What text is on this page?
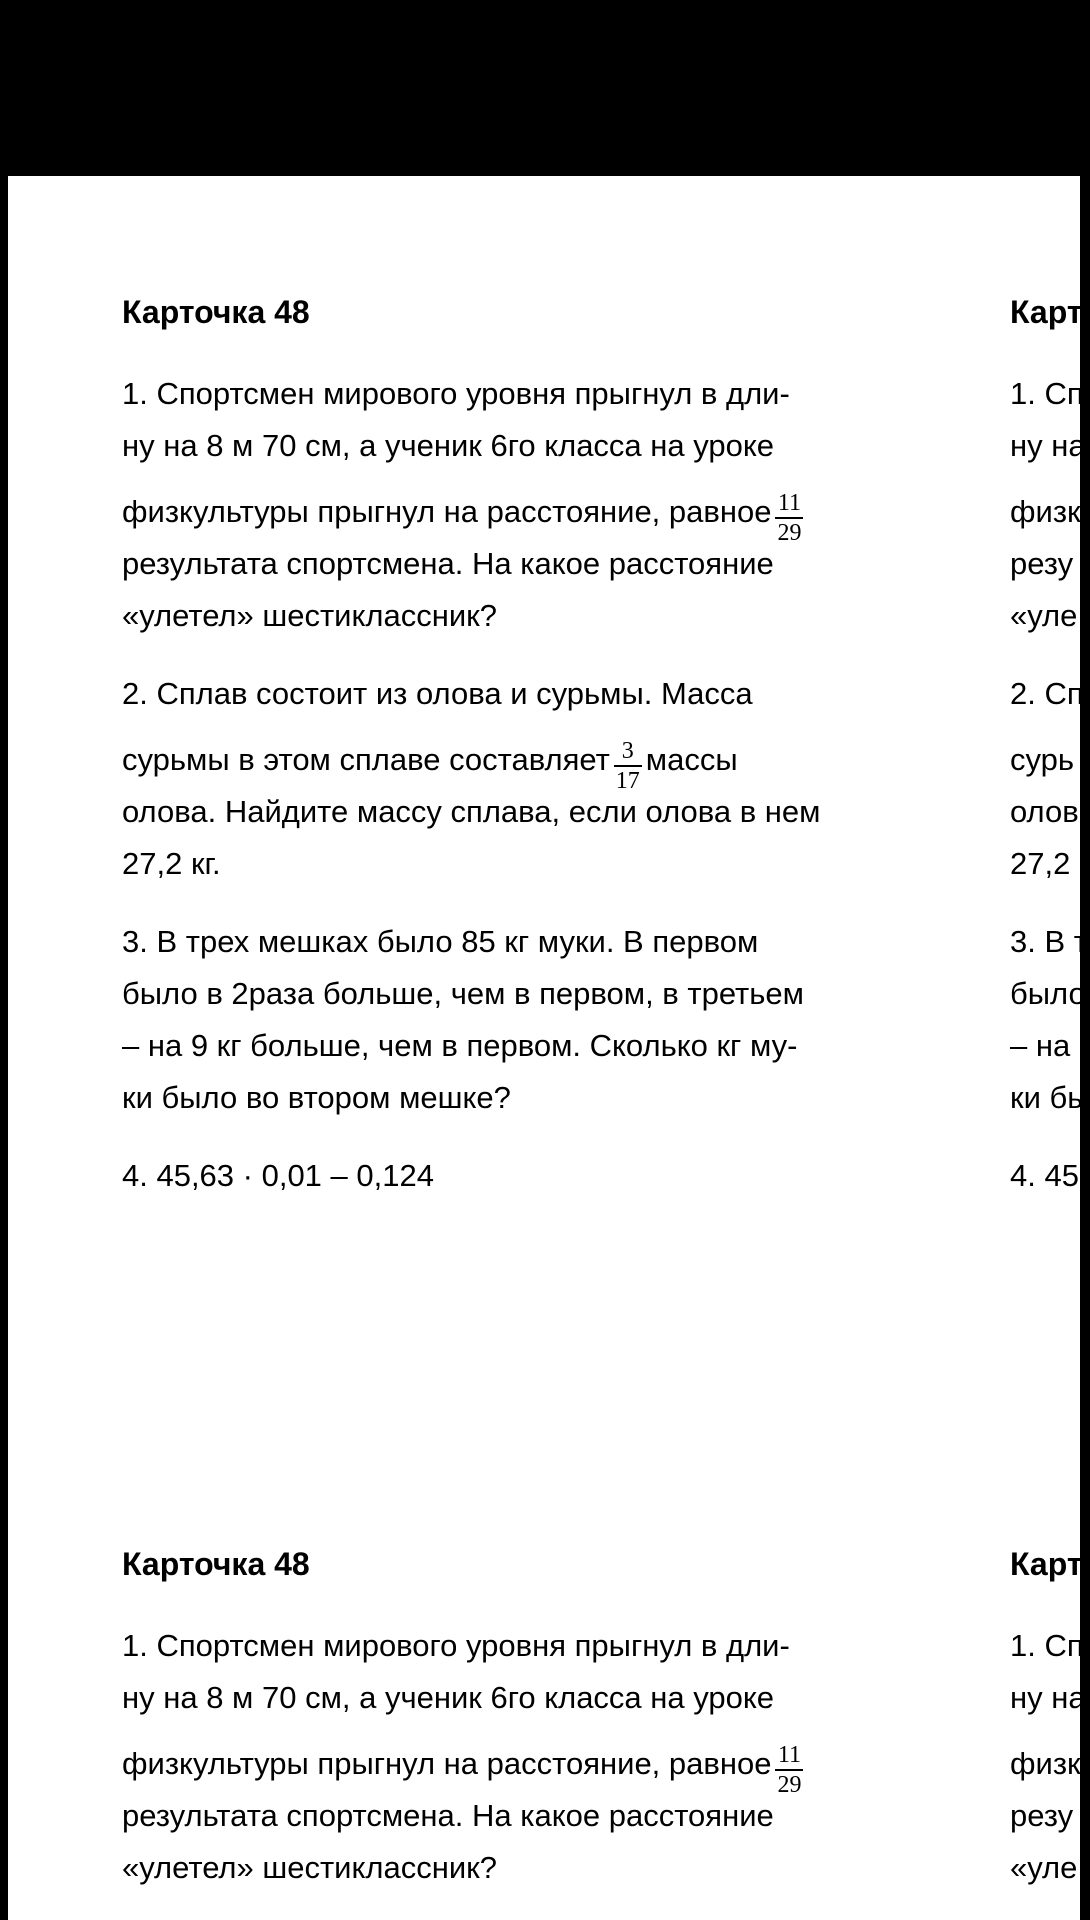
Карточка 48
1. Спортсмен мирового уровня прыгнул в дли-
ну на 8 м 70 см, а ученик 6го класса на уроке
физкультуры прыгнул на расстояние, равное $\frac{11}{29}$
результата спортсмена. На какое расстояние
«улетел» шестиклассник?
2. Сплав состоит из олова и сурьмы. Масса
сурьмы в этом сплаве составляет $\frac{3}{17}$ массы
олова. Найдите массу сплава, если олова в нем
27,2 кг.
3. В трех мешках было 85 кг муки. В первом
было в 2раза больше, чем в первом, в третьем
– на 9 кг больше, чем в первом. Сколько кг му-
ки было во втором мешке?
4. 45,63 · 0,01 – 0,124
Карточка 48
1. Спортсмен мирового уровня прыгнул в дли-
ну на 8 м 70 см, а ученик 6го класса на уроке
физкультуры прыгнул на расстояние, равное $\frac{11}{29}$
результата спортсмена. На какое расстояние
«улетел» шестиклассник?
Карт
1. Сп
ну на
физк
резу
«уле
2. Сп
сурь
олов
27,2
3. В т
было
– на
ки бы
4. 45
Карт
1. Сп
ну на
физк
резу
«уле
